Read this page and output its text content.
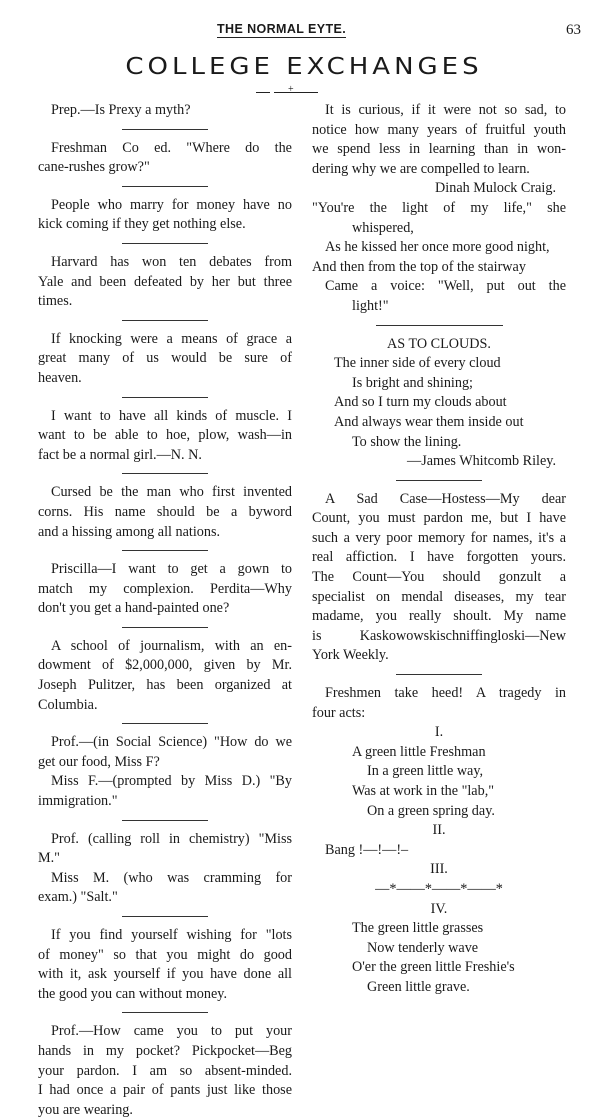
THE NORMAL EYTE.	63
COLLEGE EXCHANGES
+
Prep.—Is Prexy a myth?
Freshman Co ed. "Where do the
cane-rushes grow?"
People who marry for money have no
kick coming if they get nothing else.
Harvard has won ten debates from
Yale and been defeated by her but three
times.
If knocking were a means of grace a
great many of us would be sure of
heaven.
I want to have all kinds of muscle. I
want to be able to hoe, plow, wash—in
fact be a normal girl.—N. N.
Cursed be the man who first invented
corns. His name should be a byword
and a hissing among all nations.
Priscilla—I want to get a gown to
match my complexion. Perdita—Why
don't you get a hand-painted one?
A school of journalism, with an en-
dowment of $2,000,000, given by Mr.
Joseph Pulitzer, has been organized at
Columbia.
Prof.—(in Social Science) "How do we
get our food, Miss F?
Miss F.—(prompted by Miss D.) "By
immigration."
Prof. (calling roll in chemistry) "Miss
M."
Miss M. (who was cramming for
exam.) "Salt."
If you find yourself wishing for "lots
of money" so that you might do good
with it, ask yourself if you have done all
the good you can without money.
Prof.—How came you to put your
hands in my pocket? Pickpocket—Beg
your pardon. I am so absent-minded.
I had once a pair of pants just like those
you are wearing.
It is curious, if it were not so sad, to
notice how many years of fruitful youth
we spend less in learning than in won-
dering why we are compelled to learn.
Dinah Mulock Craig.
"You're the light of my life," she
whispered,
As he kissed her once more good night,
And then from the top of the stairway
Came a voice: "Well, put out the
light!"
AS TO CLOUDS.
The inner side of every cloud
Is bright and shining;
And so I turn my clouds about
And always wear them inside out
To show the lining.
—James Whitcomb Riley.
A Sad Case—Hostess—My dear
Count, you must pardon me, but I have
such a very poor memory for names, it's a
real affiction. I have forgotten yours.
The Count—You should gonzult a
specialist on mendal diseases, my tear
madame, you really shoult. My name
is Kaskowowskischniffingloski—New
York Weekly.
Freshmen take heed! A tragedy in
four acts:
I.
A green little Freshman
In a green little way,
Was at work in the "lab,"
On a green spring day.
II.
Bang !—!—!–
III.
—*——*——*——*
IV.
The green little grasses
Now tenderly wave
O'er the green little Freshie's
Green little grave.
